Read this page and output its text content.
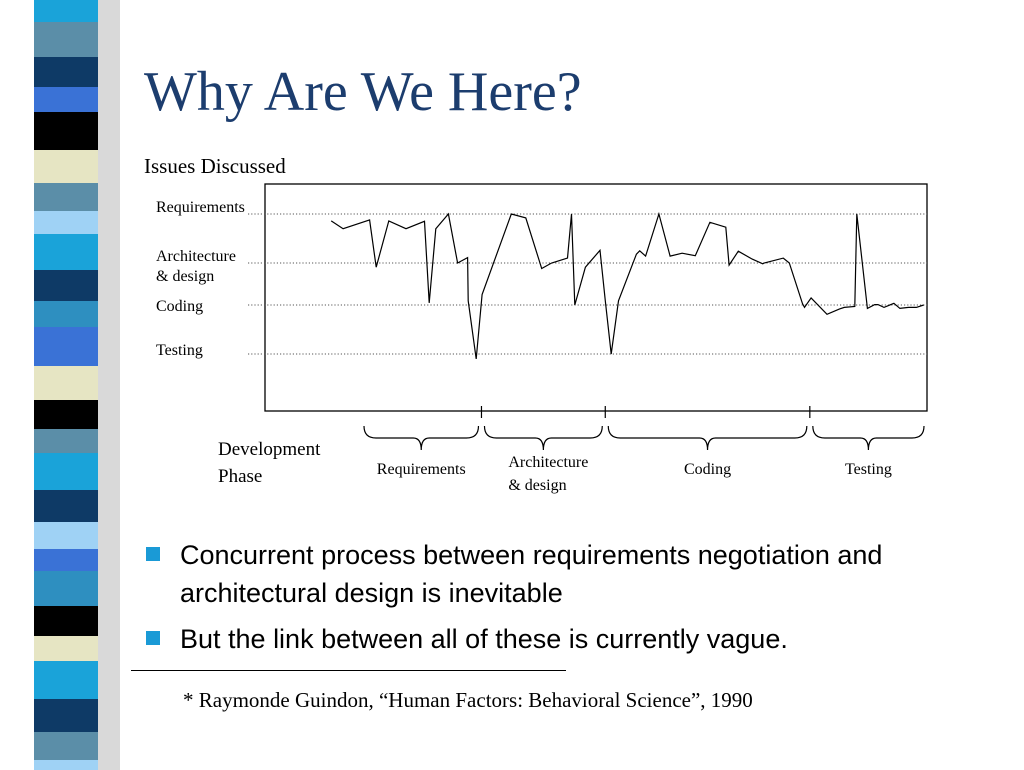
Why Are We Here?
Issues Discussed
Requirements
Architecture & design
Coding
Testing
Requirements	Architecture & design
Coding	Testing
Development Phase
Concurrent process between requirements negotiation and architectural design is inevitable
But the link between all of these is currently vague.
* Raymonde Guindon, “Human Factors: Behavioral Science”, 1990
